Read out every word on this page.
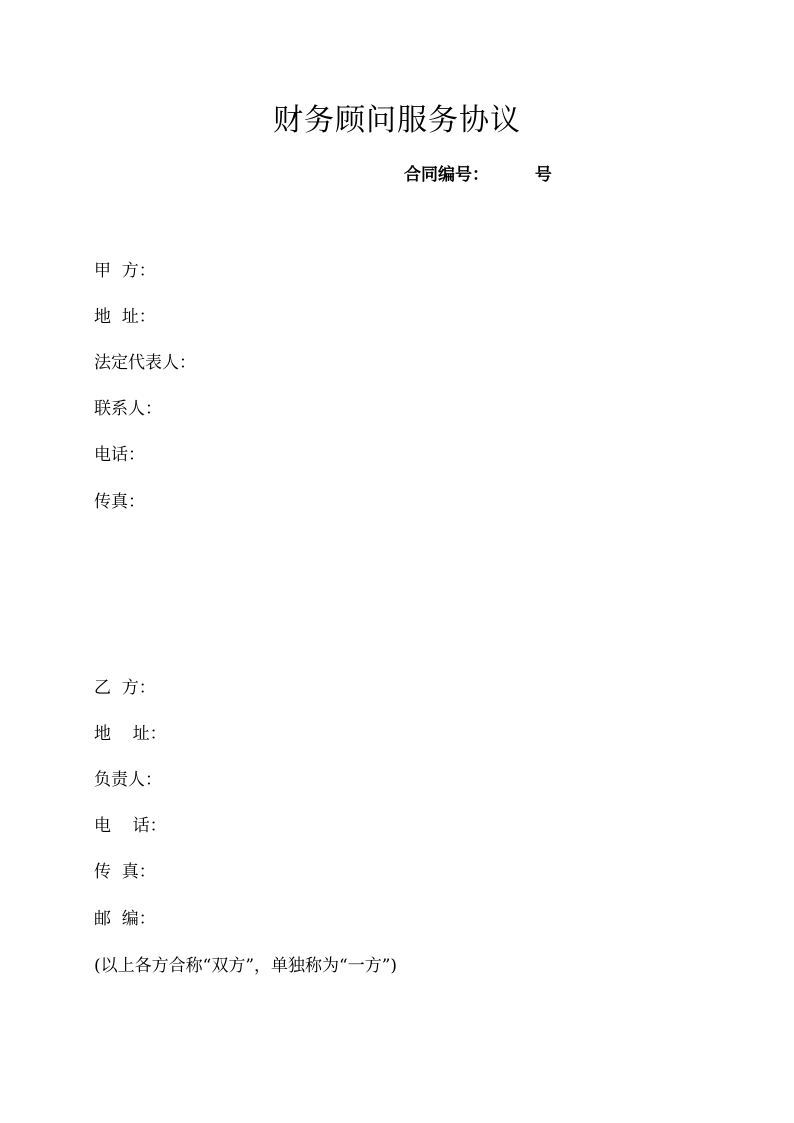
财务顾问服务协议
合同编号：	号
甲  方：
地  址：
法定代表人：
联系人：
电话：
传真：
乙  方：
地    址：
负责人：
电    话：
传  真：
邮  编：
(以上各方合称“双方”，单独称为“一方”)
